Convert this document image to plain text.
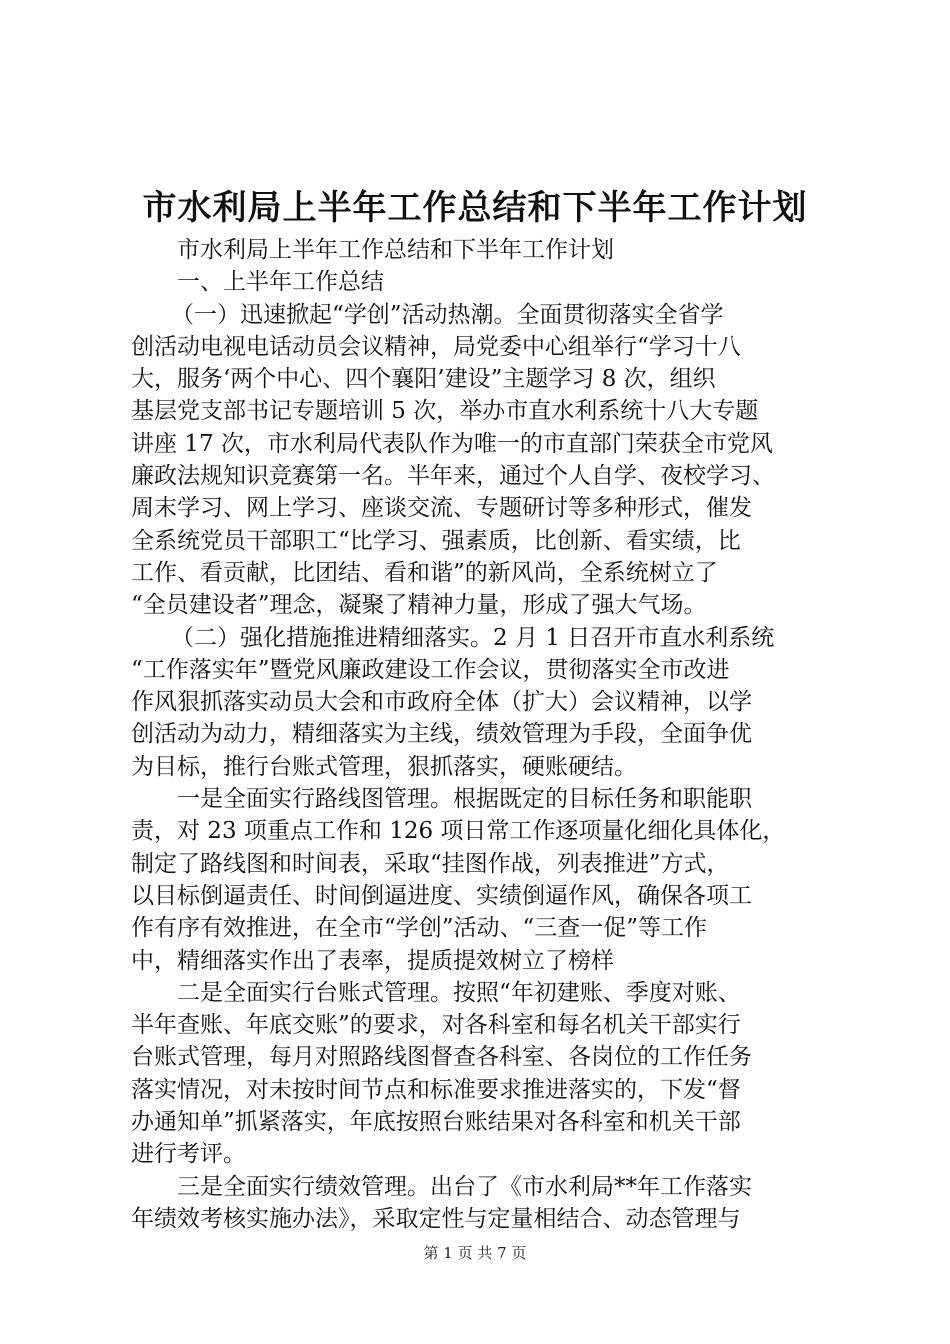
市水利局上半年工作总结和下半年工作计划
市水利局上半年工作总结和下半年工作计划
一、上半年工作总结
（一）迅速掀起“学创”活动热潮。全面贯彻落实全省学
创活动电视电话动员会议精神，局党委中心组举行“学习十八
大，服务‘两个中心、四个襄阳’建设”主题学习 8 次，组织
基层党支部书记专题培训 5 次，举办市直水利系统十八大专题
讲座 17 次，市水利局代表队作为唯一的市直部门荣获全市党风
廉政法规知识竞赛第一名。半年来，通过个人自学、夜校学习、
周末学习、网上学习、座谈交流、专题研讨等多种形式，催发
全系统党员干部职工“比学习、强素质，比创新、看实绩，比
工作、看贡献，比团结、看和谐”的新风尚，全系统树立了
“全员建设者”理念，凝聚了精神力量，形成了强大气场。
（二）强化措施推进精细落实。2 月 1 日召开市直水利系统
“工作落实年”暨党风廉政建设工作会议，贯彻落实全市改进
作风狠抓落实动员大会和市政府全体（扩大）会议精神，以学
创活动为动力，精细落实为主线，绩效管理为手段，全面争优
为目标，推行台账式管理，狠抓落实，硬账硬结。
一是全面实行路线图管理。根据既定的目标任务和职能职
责，对 23 项重点工作和 126 项日常工作逐项量化细化具体化，
制定了路线图和时间表，采取“挂图作战，列表推进”方式，
以目标倒逼责任、时间倒逼进度、实绩倒逼作风，确保各项工
作有序有效推进，在全市“学创”活动、“三查一促”等工作
中，精细落实作出了表率，提质提效树立了榜样
二是全面实行台账式管理。按照“年初建账、季度对账、
半年查账、年底交账”的要求，对各科室和每名机关干部实行
台账式管理，每月对照路线图督查各科室、各岗位的工作任务
落实情况，对未按时间节点和标准要求推进落实的，下发“督
办通知单”抓紧落实，年底按照台账结果对各科室和机关干部
进行考评。
三是全面实行绩效管理。出台了《市水利局**年工作落实
年绩效考核实施办法》，采取定性与定量相结合、动态管理与
第 1 页 共 7 页
